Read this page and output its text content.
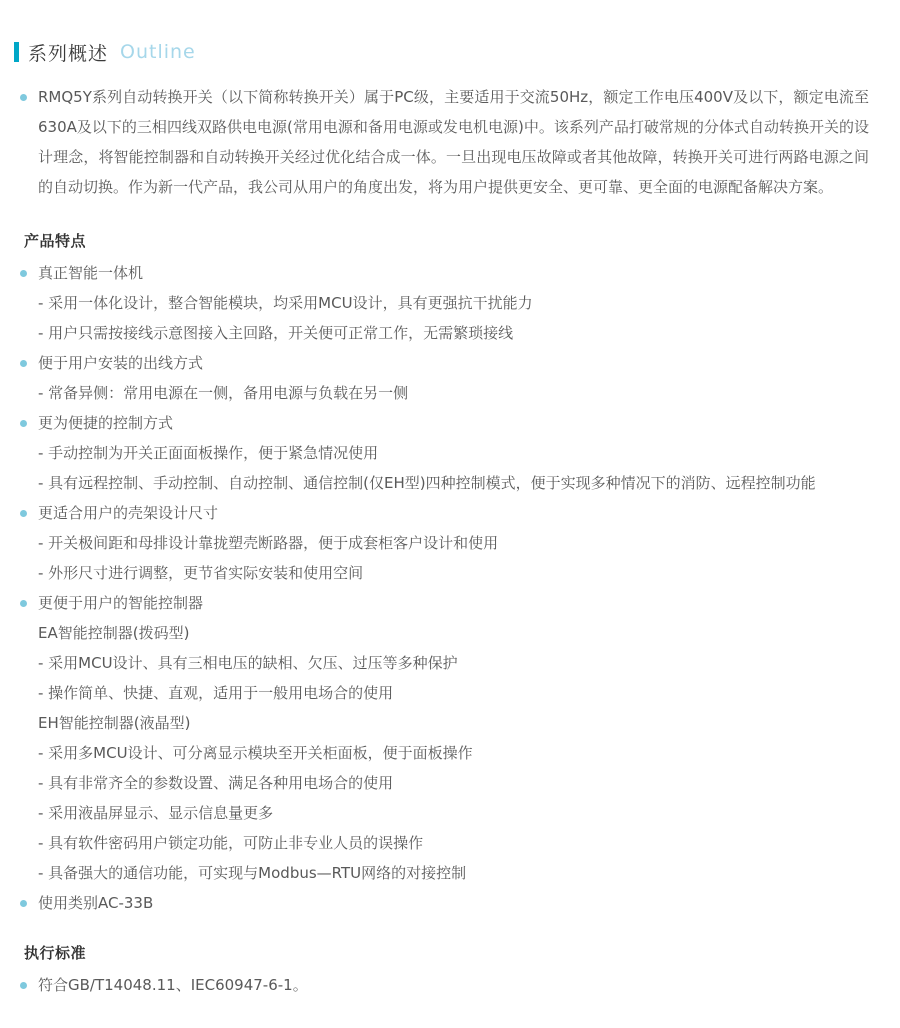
系列概述 Outline
RMQ5Y系列自动转换开关（以下简称转换开关）属于PC级，主要适用于交流50Hz，额定工作电压400V及以下，额定电流至630A及以下的三相四线双路供电电源(常用电源和备用电源或发电机电源)中。该系列产品打破常规的分体式自动转换开关的设计理念，将智能控制器和自动转换开关经过优化结合成一体。一旦出现电压故障或者其他故障，转换开关可进行两路电源之间的自动切换。作为新一代产品，我公司从用户的角度出发，将为用户提供更安全、更可靠、更全面的电源配备解决方案。
产品特点
真正智能一体机
- 采用一体化设计，整合智能模块，均采用MCU设计，具有更强抗干扰能力
- 用户只需按接线示意图接入主回路，开关便可正常工作，无需繁琐接线
便于用户安装的出线方式
- 常备异侧：常用电源在一侧，备用电源与负载在另一侧
更为便捷的控制方式
- 手动控制为开关正面面板操作，便于紧急情况使用
- 具有远程控制、手动控制、自动控制、通信控制(仅EH型)四种控制模式，便于实现多种情况下的消防、远程控制功能
更适合用户的壳架设计尺寸
- 开关极间距和母排设计靠拢塑壳断路器，便于成套柜客户设计和使用
- 外形尺寸进行调整，更节省实际安装和使用空间
更便于用户的智能控制器
EA智能控制器(拨码型)
- 采用MCU设计、具有三相电压的缺相、欠压、过压等多种保护
- 操作简单、快捷、直观，适用于一般用电场合的使用
EH智能控制器(液晶型)
- 采用多MCU设计、可分离显示模块至开关柜面板，便于面板操作
- 具有非常齐全的参数设置、满足各种用电场合的使用
- 采用液晶屏显示、显示信息量更多
- 具有软件密码用户锁定功能，可防止非专业人员的误操作
- 具备强大的通信功能，可实现与Modbus—RTU网络的对接控制
使用类别AC-33B
执行标准
符合GB/T14048.11、IEC60947-6-1。
